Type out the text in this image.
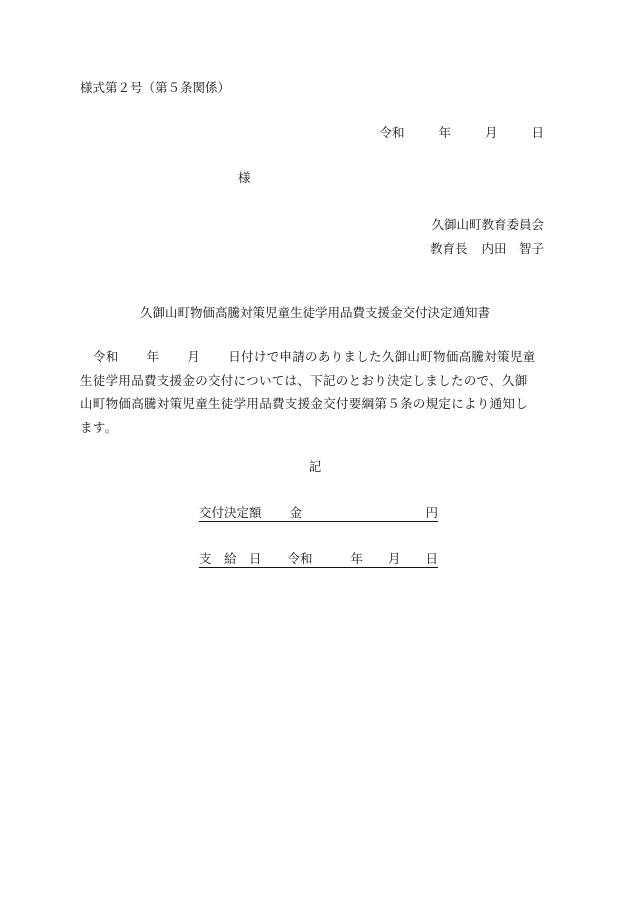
様式第２号（第５条関係）
令和	年	月	日
様
久御山町教育委員会
教育長 内田　智子
久御山町物価高騰対策児童生徒学用品費支援金交付決定通知書
令和 年 月 日付けで申請のありました久御山町物価高騰対策児童
生徒学用品費支援金の交付については、下記のとおり決定しましたので、久御
山町物価高騰対策児童生徒学用品費支援金交付要綱第５条の規定により通知し
ます。
記
交付決定額 金	円
支　給　日 令和	年 月 日
